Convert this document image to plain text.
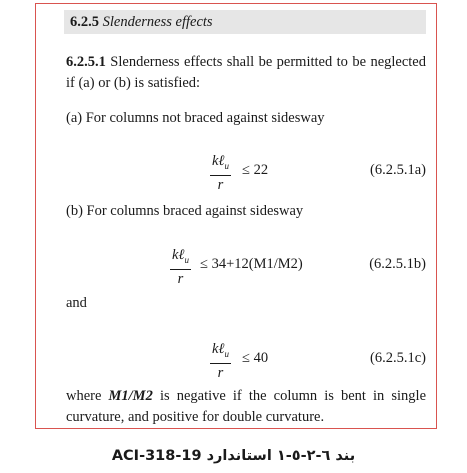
6.2.5 Slenderness effects
6.2.5.1 Slenderness effects shall be permitted to be neglected if (a) or (b) is satisfied:
(a) For columns not braced against sidesway
kℓ$_u$
r
≤ 22	(6.2.5.1a)
(b) For columns braced against sidesway
kℓ$_u$
r
≤ 34+12(M1/M2)	(6.2.5.1b)
and
kℓ$_u$
r
≤ 40	(6.2.5.1c)
where M1/M2 is negative if the column is bent in single curvature, and positive for double curvature.
بند ٦-٢-٥-١ استاندارد ACI-318-19
